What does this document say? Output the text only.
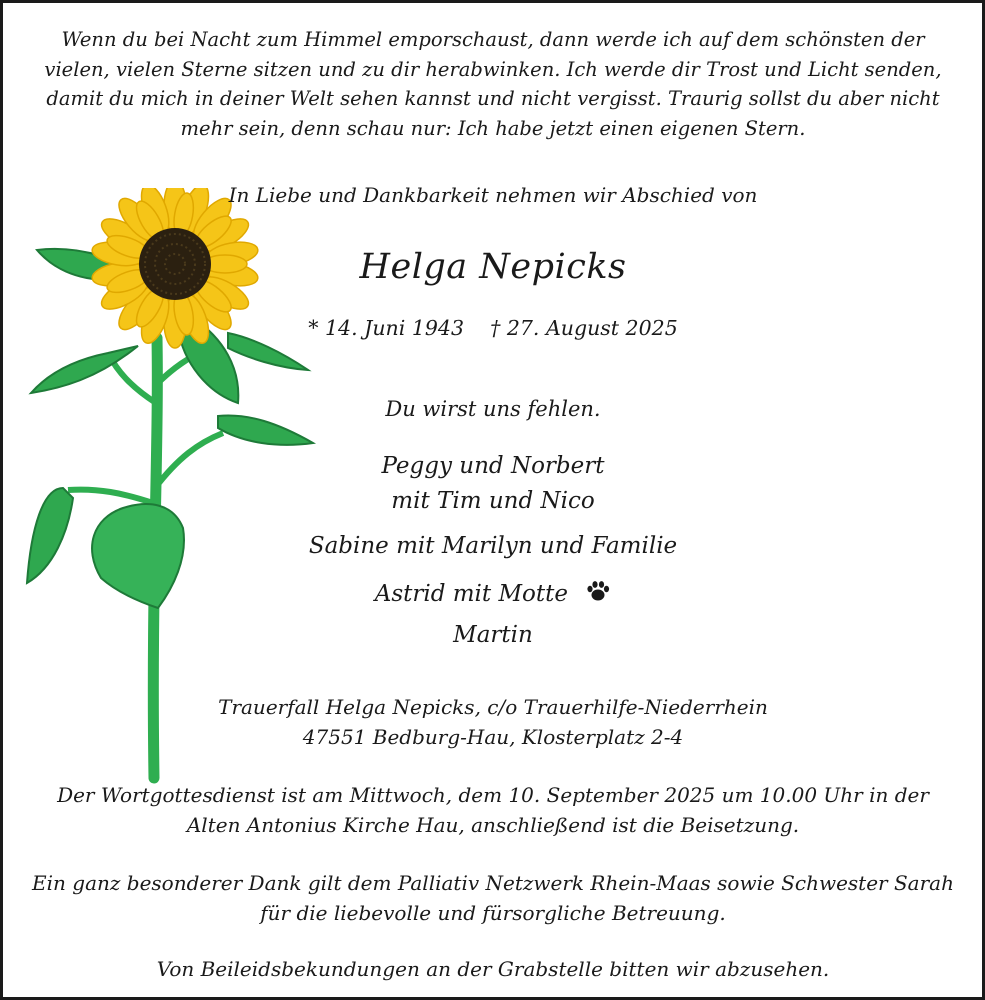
Wenn du bei Nacht zum Himmel emporschaust, dann werde ich auf dem schönsten der
vielen, vielen Sterne sitzen und zu dir herabwinken. Ich werde dir Trost und Licht senden,
damit du mich in deiner Welt sehen kannst und nicht vergisst. Traurig sollst du aber nicht
mehr sein, denn schau nur: Ich habe jetzt einen eigenen Stern.
In Liebe und Dankbarkeit nehmen wir Abschied von
Helga Nepicks
* 14. Juni 1943    † 27. August 2025
Du wirst uns fehlen.
Peggy und Norbert
mit Tim und Nico
Sabine mit Marilyn und Familie
Astrid mit Motte
Martin
Trauerfall Helga Nepicks, c/o Trauerhilfe-Niederrhein
47551 Bedburg-Hau, Klosterplatz 2-4
Der Wortgottesdienst ist am Mittwoch, dem 10. September 2025 um 10.00 Uhr in der
Alten Antonius Kirche Hau, anschließend ist die Beisetzung.
Ein ganz besonderer Dank gilt dem Palliativ Netzwerk Rhein-Maas sowie Schwester Sarah
für die liebevolle und fürsorgliche Betreuung.
Von Beileidsbekundungen an der Grabstelle bitten wir abzusehen.
